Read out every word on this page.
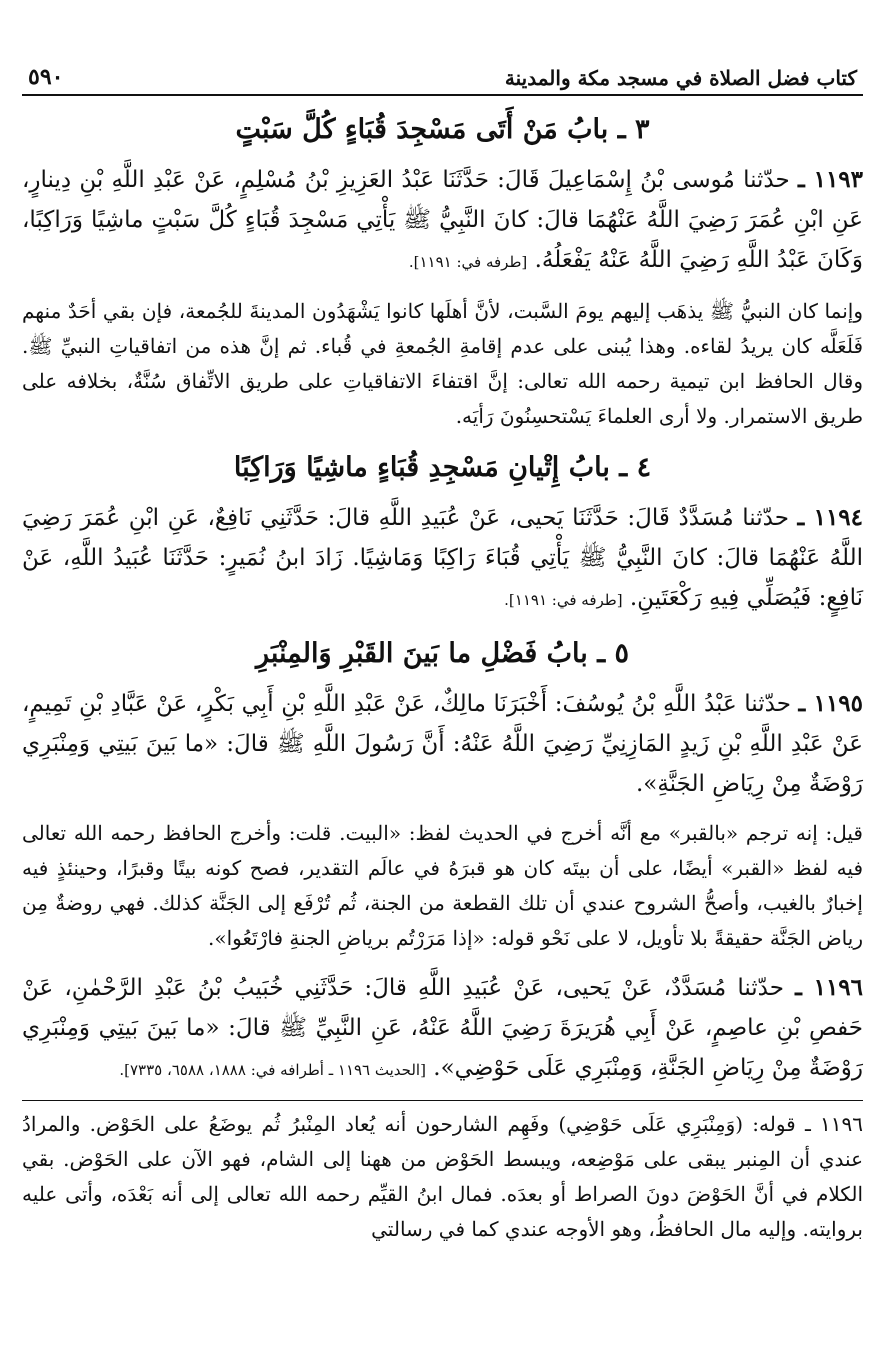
كتاب فضل الصلاة في مسجد مكة والمدينة
٥٩٠
٣ ـ بابُ مَنْ أَتَى مَسْجِدَ قُبَاءٍ كُلَّ سَبْتٍ

١١٩٣ ـ حدّثنا مُوسى بْنُ إِسْمَاعِيلَ قَالَ: حَدَّثَنَا عَبْدُ العَزِيزِ بْنُ مُسْلِمٍ، عَنْ عَبْدِ اللَّهِ بْنِ دِينارٍ، عَنِ ابْنِ عُمَرَ رَضِيَ اللَّهُ عَنْهُمَا قالَ: كانَ النَّبِيُّ ﷺ يَأْتِي مَسْجِدَ قُبَاءٍ كُلَّ سَبْتٍ ماشِيًا وَرَاكِبًا، وَكَانَ عَبْدُ اللَّهِ رَضِيَ اللَّهُ عَنْهُ يَفْعَلُهُ. [طرفه في: ١١٩١].

وإنما كان النبيُّ ﷺ يذهَب إليهم يومَ السَّبت، لأنَّ أهلَها كانوا يَشْهَدُون المدينةَ للجُمعة، فإن بقي أحَدٌ منهم فَلَعَلَّه كان يريدُ لقاءه. وهذا يُبنى على عدم إقامةِ الجُمعةِ في قُباء. ثم إنَّ هذه من اتفاقياتِ النبيِّ ﷺ. وقال الحافظ ابن تيمية رحمه الله تعالى: إنَّ اقتفاءَ الاتفاقياتِ على طريق الاتِّفاق سُنَّةٌ، بخلافه على طريق الاستمرار. ولا أرى العلماءَ يَسْتحسِنُونَ رَأيَه.

٤ ـ بابُ إِتْيانِ مَسْجِدِ قُبَاءٍ ماشِيًا وَرَاكِبًا

١١٩٤ ـ حدّثنا مُسَدَّدٌ قَالَ: حَدَّثَنَا يَحيى، عَنْ عُبَيدِ اللَّهِ قالَ: حَدَّثَنِي نَافِعٌ، عَنِ ابْنِ عُمَرَ رَضِيَ اللَّهُ عَنْهُمَا قالَ: كانَ النَّبِيُّ ﷺ يَأْتِي قُبَاءَ رَاكِبًا وَمَاشِيًا. زَادَ ابنُ نُمَيرٍ: حَدَّثَنَا عُبَيدُ اللَّهِ، عَنْ نَافِعٍ: فَيُصَلِّي فِيهِ رَكْعَتَينِ. [طرفه في: ١١٩١].

٥ ـ بابُ فَضْلِ ما بَينَ القَبْرِ وَالمِنْبَرِ

١١٩٥ ـ حدّثنا عَبْدُ اللَّهِ بْنُ يُوسُفَ: أَخْبَرَنَا مالِكٌ، عَنْ عَبْدِ اللَّهِ بْنِ أَبِي بَكْرٍ، عَنْ عَبَّادِ بْنِ تَمِيمٍ، عَنْ عَبْدِ اللَّهِ بْنِ زَيدٍ المَازِنِيِّ رَضِيَ اللَّهُ عَنْهُ: أَنَّ رَسُولَ اللَّهِ ﷺ قالَ: «ما بَينَ بَيتِي وَمِنْبَرِي رَوْضَةٌ مِنْ رِيَاضِ الجَنَّةِ».

قيل: إنه ترجم «بالقبر» مع أنَّه أخرج في الحديث لفظ: «البيت. قلت: وأخرج الحافظ رحمه الله تعالى فيه لفظ «القبر» أيضًا، على أن بيتَه كان هو قبرَهُ في عالَم التقدير، فصح كونه بيتًا وقبرًا، وحينئذٍ فيه إخبارٌ بالغيب، وأصحُّ الشروح عندي أن تلك القطعة من الجنة، ثُم تُرْفَع إلى الجَنَّة كذلك. فهي روضةٌ مِن رياض الجَنَّة حقيقةً بلا تأويل، لا على نَحْو قوله: «إذا مَرَرْتُم برياضِ الجنةِ فارْتَعُوا».

١١٩٦ ـ حدّثنا مُسَدَّدٌ، عَنْ يَحيى، عَنْ عُبَيدِ اللَّهِ قالَ: حَدَّثَنِي خُبَيبُ بْنُ عَبْدِ الرَّحْمٰنِ، عَنْ حَفصِ بْنِ عاصِمٍ، عَنْ أَبِي هُرَيرَةَ رَضِيَ اللَّهُ عَنْهُ، عَنِ النَّبِيِّ ﷺ قالَ: «ما بَينَ بَيتِي وَمِنْبَرِي رَوْضَةٌ مِنْ رِيَاضِ الجَنَّةِ، وَمِنْبَرِي عَلَى حَوْضِي». [الحديث ١١٩٦ ـ أطرافه في: ١٨٨٨، ٦٥٨٨، ٧٣٣٥].

١١٩٦ ـ قوله: (وَمِنْبَرِي عَلَى حَوْضِي) وفَهِم الشارحون أنه يُعاد المِنْبرُ ثُم يوضَعُ على الحَوْض. والمرادُ عندي أن المِنبر يبقى على مَوْضِعه، ويبسط الحَوْض من ههنا إلى الشام، فهو الآن على الحَوْض. بقي الكلام في أنَّ الحَوْضَ دونَ الصراط أو بعدَه. فمال ابنُ القيِّم رحمه الله تعالى إلى أنه بَعْدَه، وأتى عليه بروايته. وإليه مال الحافظُ، وهو الأوجه عندي كما في رسالتي
